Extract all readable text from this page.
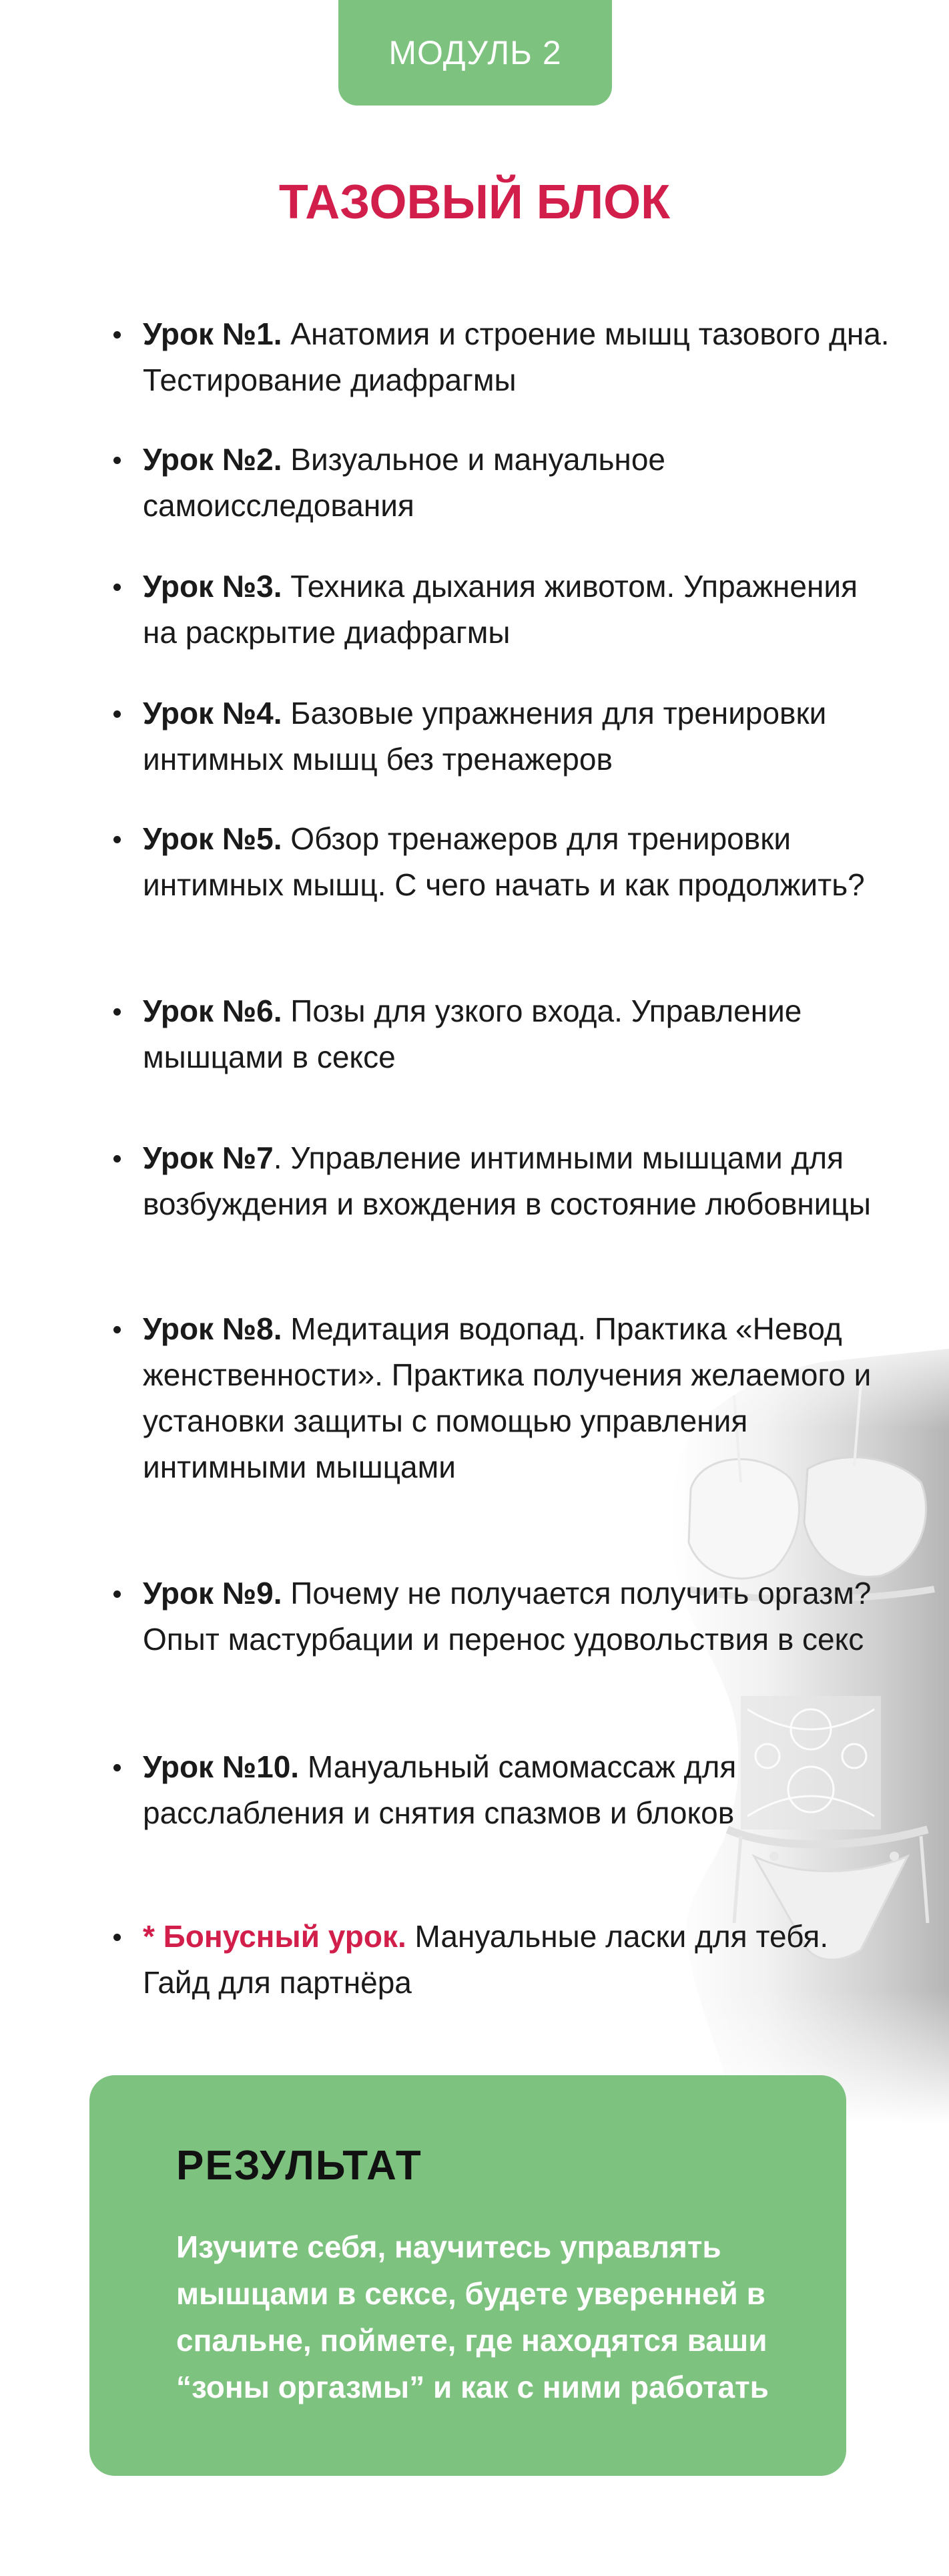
МОДУЛЬ 2
ТАЗОВЫЙ БЛОК
Урок №1. Анатомия и строение мышц тазового дна. Тестирование диафрагмы
Урок №2. Визуальное и мануальное самоисследования
Урок №3. Техника дыхания животом. Упражнения на раскрытие диафрагмы
Урок №4. Базовые упражнения для тренировки интимных мышц без тренажеров
Урок №5. Обзор тренажеров для тренировки интимных мышц. С чего начать и как продолжить?
Урок №6. Позы для узкого входа. Управление мышцами в сексе
Урок №7. Управление интимными мышцами для возбуждения и вхождения в состояние любовницы
Урок №8. Медитация водопад. Практика «Невод женственности». Практика получения желаемого и установки защиты с помощью управления интимными мышцами
Урок №9. Почему не получается получить оргазм? Опыт мастурбации и перенос удовольствия в секс
Урок №10. Мануальный самомассаж для расслабления и снятия спазмов и блоков
* Бонусный урок. Мануальные ласки для тебя. Гайд для партнёра
РЕЗУЛЬТАТ

Изучите себя, научитесь управлять мышцами в сексе, будете уверенней в спальне, поймете, где находятся ваши “зоны оргазмы” и как с ними работать
